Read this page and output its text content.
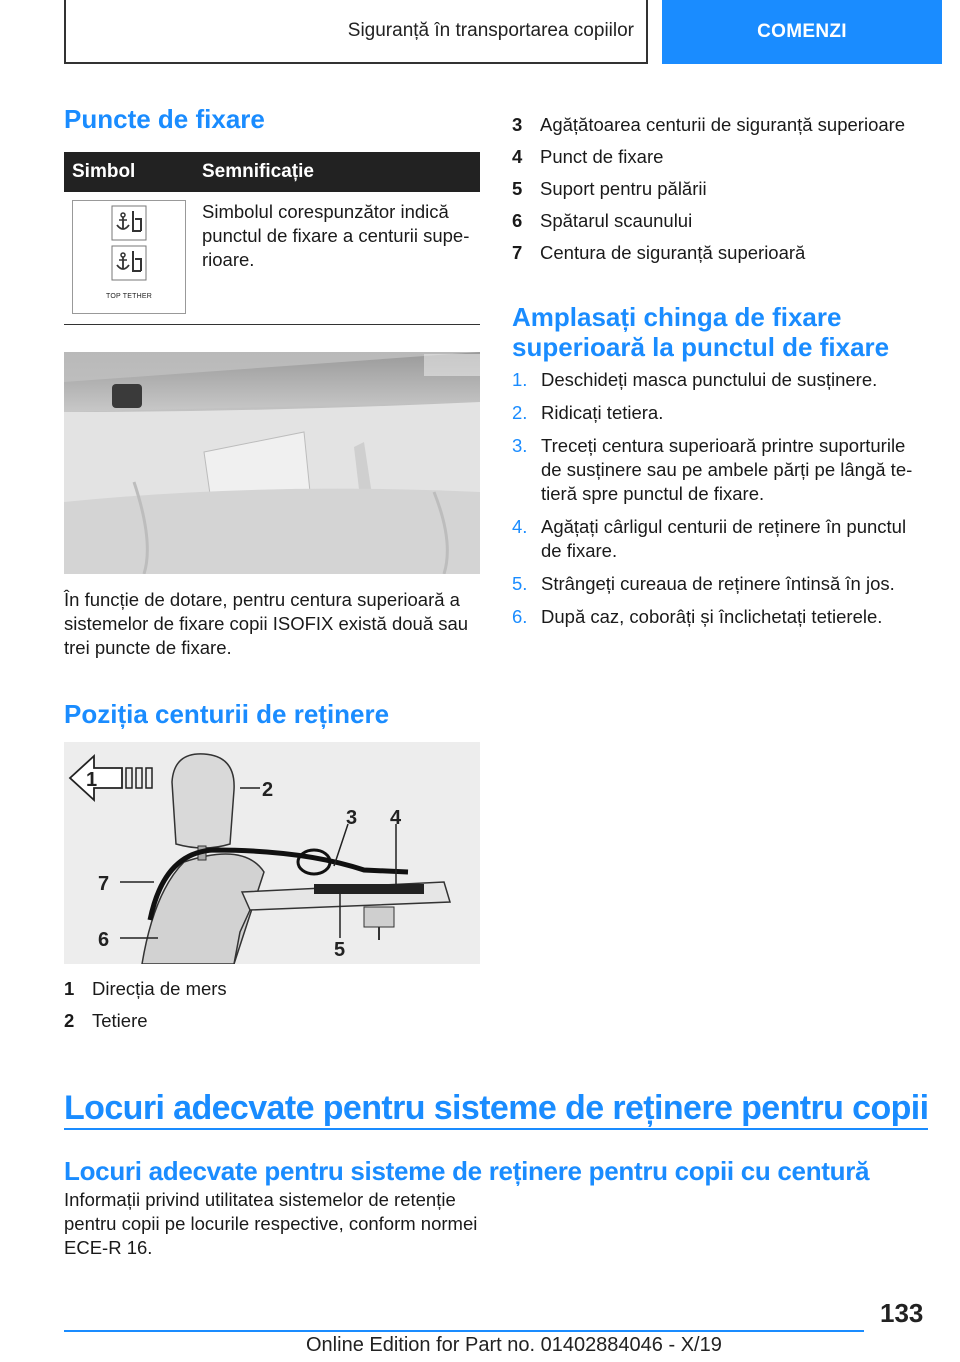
Siguranță în transportarea copiilor	COMENZI
Puncte de fixare
Simbol	Semnificație

TOP TETHER	Simbolul corespunzător indică punctul de fixare a centurii superioare.

În funcție de dotare, pentru centura superioară a sistemelor de fixare copii ISOFIX există două sau trei puncte de fixare.

Poziția centurii de reținere
1	2
3 4
5
6
7
1 Direcția de mers
2 Tetiere
3 Agățătoarea centurii de siguranță superioare
4 Punct de fixare
5 Suport pentru pălării
6 Spătarul scaunului
7 Centura de siguranță superioară
Amplasați chinga de fixare superioară la punctul de fixare
1. Deschideți masca punctului de susținere.
2. Ridicați tetiera.
3. Treceți centura superioară printre suporturile de susținere sau pe ambele părți pe lângă tetieră spre punctul de fixare.
4. Agățați cârligul centurii de reținere în punctul de fixare.
5. Strângeți cureaua de reținere întinsă în jos.
6. După caz, coborâți și înclichetați tetierele.
Locuri adecvate pentru sisteme de reținere pentru copii
Locuri adecvate pentru sisteme de reținere pentru copii cu centură

Informații privind utilitatea sistemelor de retenție pentru copii pe locurile respective, conform normei ECE-R 16.

133
Online Edition for Part no. 01402884046 - X/19
